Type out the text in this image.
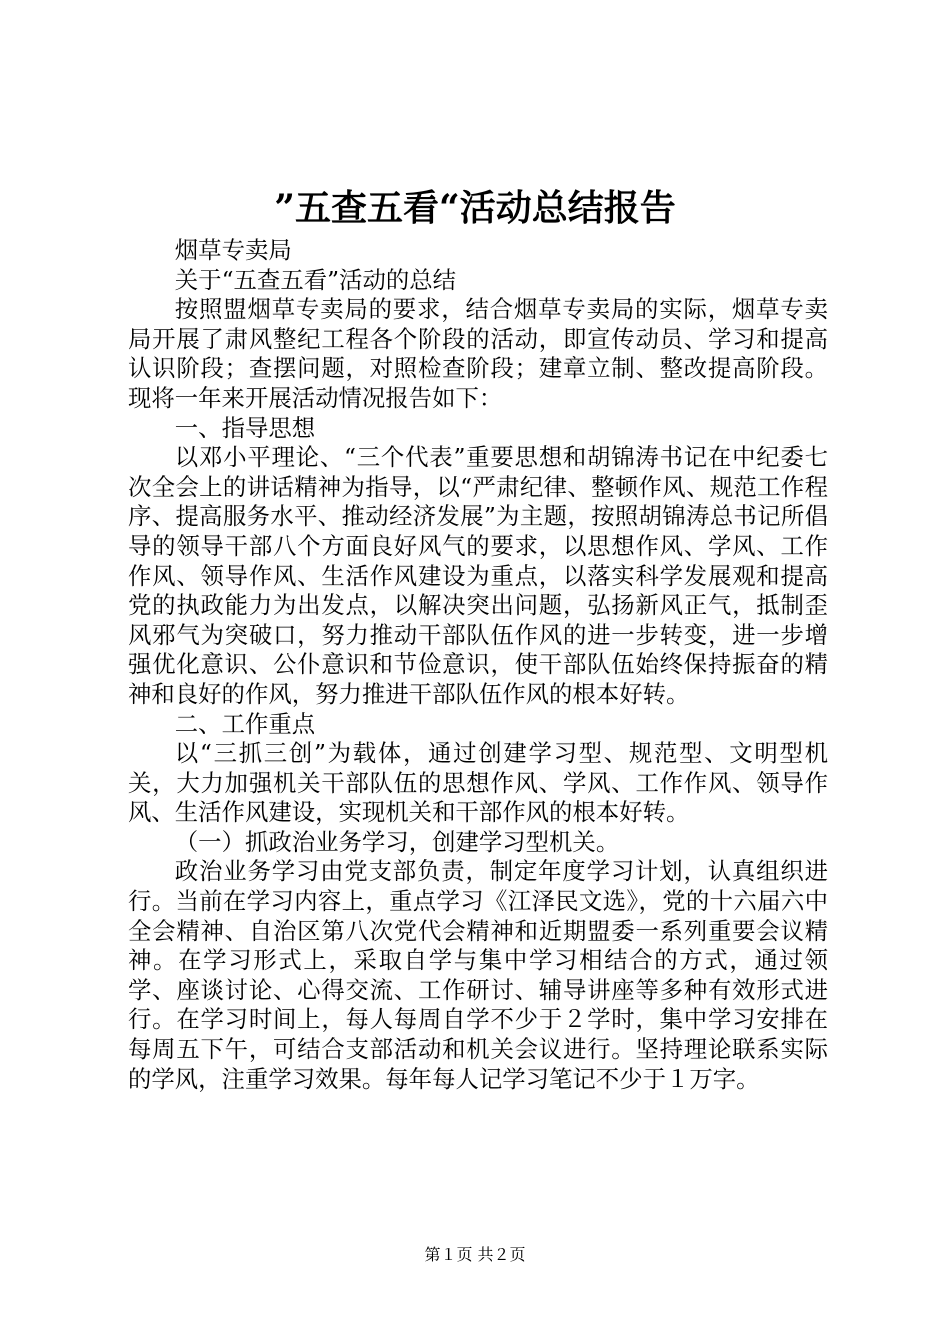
”五查五看“活动总结报告

烟草专卖局

关于“五查五看”活动的总结

按照盟烟草专卖局的要求，结合烟草专卖局的实际，烟草专卖局开展了肃风整纪工程各个阶段的活动，即宣传动员、学习和提高认识阶段；查摆问题，对照检查阶段；建章立制、整改提高阶段。现将一年来开展活动情况报告如下：

一、指导思想

以邓小平理论、“三个代表”重要思想和胡锦涛书记在中纪委七次全会上的讲话精神为指导，以“严肃纪律、整顿作风、规范工作程序、提高服务水平、推动经济发展”为主题，按照胡锦涛总书记所倡导的领导干部八个方面良好风气的要求，以思想作风、学风、工作作风、领导作风、生活作风建设为重点，以落实科学发展观和提高党的执政能力为出发点，以解决突出问题，弘扬新风正气，抵制歪风邪气为突破口，努力推动干部队伍作风的进一步转变，进一步增强优化意识、公仆意识和节俭意识，使干部队伍始终保持振奋的精神和良好的作风，努力推进干部队伍作风的根本好转。

二、工作重点

以“三抓三创”为载体，通过创建学习型、规范型、文明型机关，大力加强机关干部队伍的思想作风、学风、工作作风、领导作风、生活作风建设，实现机关和干部作风的根本好转。

（一）抓政治业务学习，创建学习型机关。

政治业务学习由党支部负责，制定年度学习计划，认真组织进行。当前在学习内容上，重点学习《江泽民文选》，党的十六届六中全会精神、自治区第八次党代会精神和近期盟委一系列重要会议精神。在学习形式上，采取自学与集中学习相结合的方式，通过领学、座谈讨论、心得交流、工作研讨、辅导讲座等多种有效形式进行。在学习时间上，每人每周自学不少于２学时，集中学习安排在每周五下午，可结合支部活动和机关会议进行。坚持理论联系实际的学风，注重学习效果。每年每人记学习笔记不少于１万字。

第１页 共２页
